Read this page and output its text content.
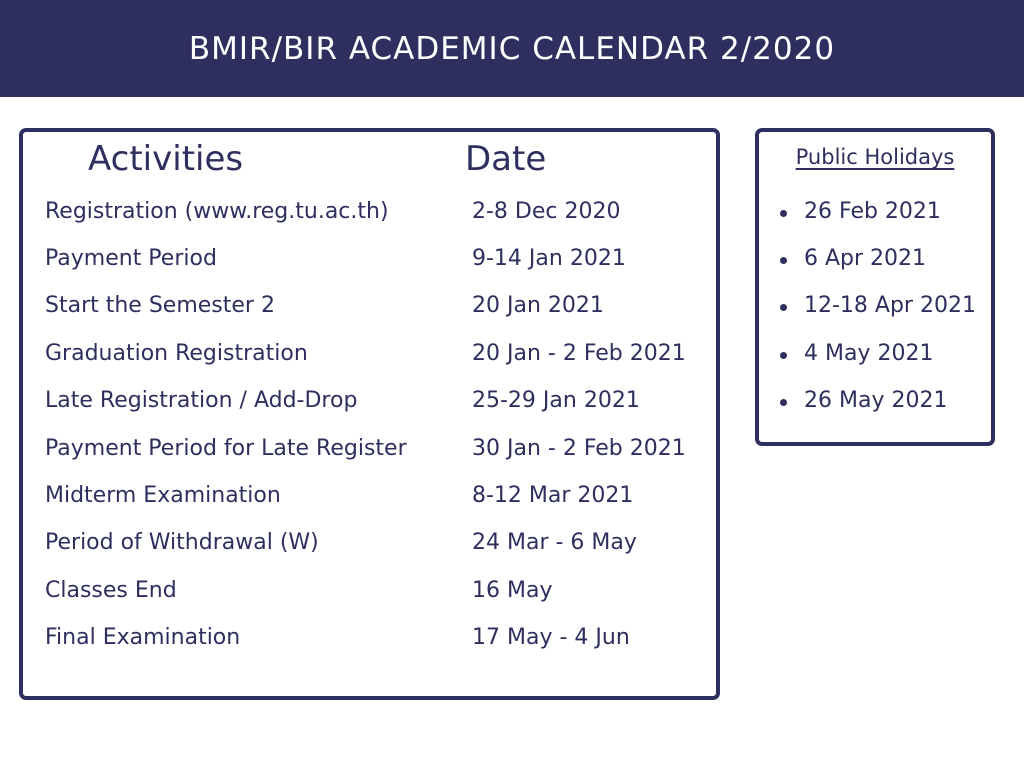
BMIR/BIR ACADEMIC CALENDAR 2/2020
Activities	Date
Registration (www.reg.tu.ac.th)	2-8 Dec 2020
Payment Period	9-14 Jan 2021
Start the Semester 2	20 Jan 2021
Graduation Registration	20 Jan - 2 Feb 2021
Late Registration / Add-Drop	25-29 Jan 2021
Payment Period for Late Register	30 Jan - 2 Feb 2021
Midterm Examination	8-12 Mar 2021
Period of Withdrawal (W)	24 Mar - 6 May
Classes End	16 May
Final Examination	17 May - 4 Jun
Public Holidays
26 Feb 2021
6 Apr 2021
12-18 Apr 2021
4 May 2021
26 May 2021
